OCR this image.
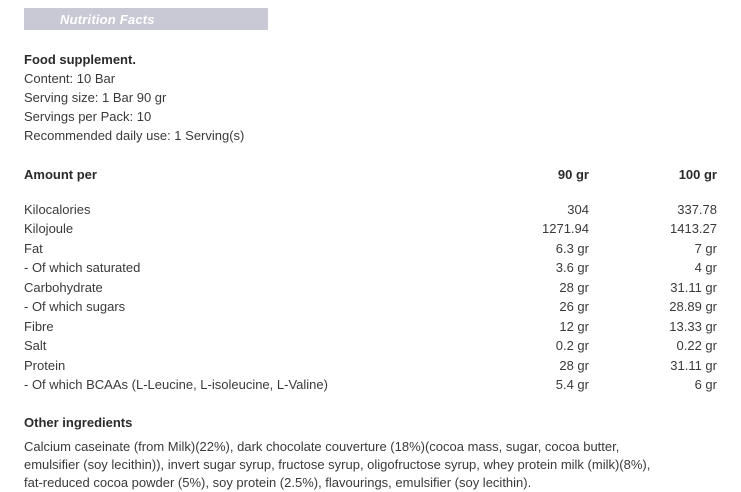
Nutrition Facts
Food supplement.
Content: 10 Bar
Serving size: 1 Bar 90 gr
Servings per Pack: 10
Recommended daily use: 1 Serving(s)
Amount per	90 gr	100 gr
Kilocalories	304	337.78
Kilojoule	1271.94	1413.27
Fat	6.3 gr	7 gr
- Of which saturated	3.6 gr	4 gr
Carbohydrate	28 gr	31.11 gr
- Of which sugars	26 gr	28.89 gr
Fibre	12 gr	13.33 gr
Salt	0.2 gr	0.22 gr
Protein	28 gr	31.11 gr
- Of which BCAAs (L-Leucine, L-isoleucine, L-Valine)	5.4 gr	6 gr
Other ingredients
Calcium caseinate (from Milk)(22%), dark chocolate couverture (18%)(cocoa mass, sugar, cocoa butter,
emulsifier (soy lecithin)), invert sugar syrup, fructose syrup, oligofructose syrup, whey protein milk (milk)(8%),
fat-reduced cocoa powder (5%), soy protein (2.5%), flavourings, emulsifier (soy lecithin).
